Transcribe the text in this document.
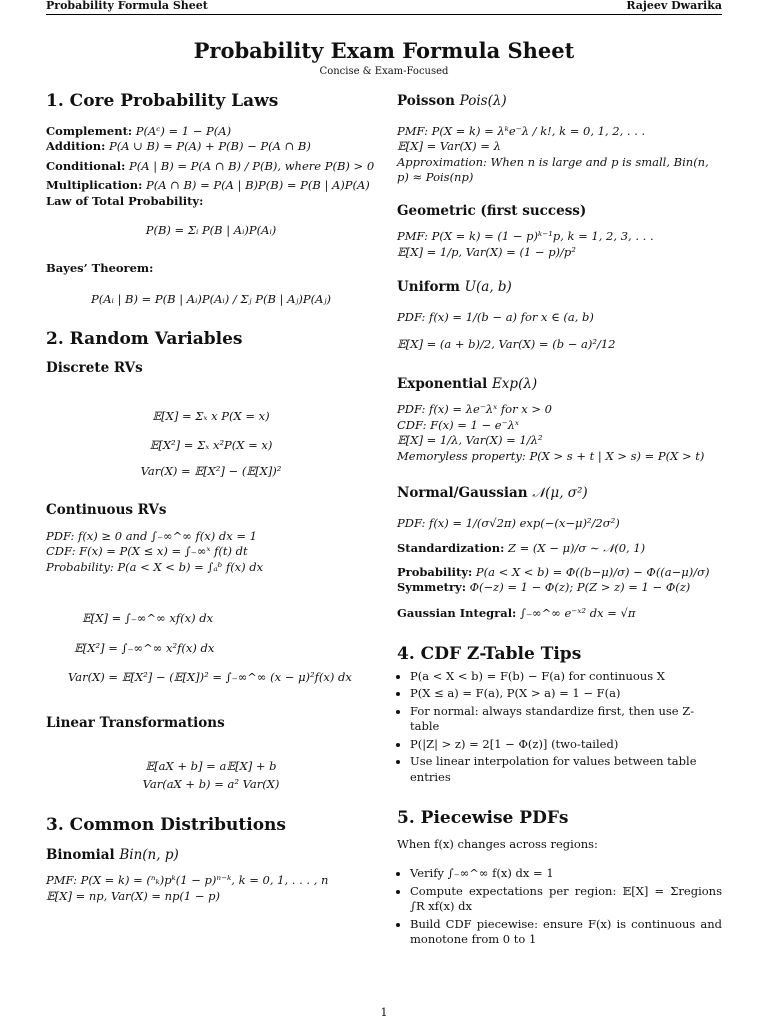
Probability Formula Sheet	Rajeev Dwarika
Probability Exam Formula Sheet
Concise & Exam-Focused
1. Core Probability Laws

Complement: P(Aᶜ) = 1 − P(A)

Addition: P(A ∪ B) = P(A) + P(B) − P(A ∩ B)

Conditional: P(A | B) = P(A ∩ B) / P(B), where P(B) > 0

Multiplication: P(A ∩ B) = P(A | B)P(B) = P(B | A)P(A)

Law of Total Probability:

P(B) = Σᵢ P(B | Aᵢ)P(Aᵢ)

Bayes’ Theorem:

P(Aᵢ | B) = P(B | Aᵢ)P(Aᵢ) / Σⱼ P(B | Aⱼ)P(Aⱼ)

2. Random Variables
Discrete RVs

𝔼[X] = Σₓ x P(X = x)

𝔼[X²] = Σₓ x²P(X = x)

Var(X) = 𝔼[X²] − (𝔼[X])²

Continuous RVs

PDF: f(x) ≥ 0 and ∫₋∞^∞ f(x) dx = 1

CDF: F(x) = P(X ≤ x) = ∫₋∞ˣ f(t) dt

Probability: P(a < X < b) = ∫ₐᵇ f(x) dx

𝔼[X] = ∫₋∞^∞ xf(x) dx

𝔼[X²] = ∫₋∞^∞ x²f(x) dx

Var(X) = 𝔼[X²] − (𝔼[X])² = ∫₋∞^∞ (x − μ)²f(x) dx

Linear Transformations

𝔼[aX + b] = a𝔼[X] + b

Var(aX + b) = a² Var(X)

3. Common Distributions
Binomial Bin(n, p)

PMF: P(X = k) = (ⁿₖ)pᵏ(1 − p)ⁿ⁻ᵏ, k = 0, 1, . . . , n

𝔼[X] = np, Var(X) = np(1 − p)

Poisson Pois(λ)

PMF: P(X = k) = λᵏe⁻λ / k!, k = 0, 1, 2, . . .

𝔼[X] = Var(X) = λ

Approximation: When n is large and p is small, Bin(n, p) ≈ Pois(np)

Geometric (first success)

PMF: P(X = k) = (1 − p)ᵏ⁻¹p, k = 1, 2, 3, . . .

𝔼[X] = 1/p, Var(X) = (1 − p)/p²

Uniform U(a, b)

PDF: f(x) = 1/(b − a) for x ∈ (a, b)

𝔼[X] = (a + b)/2, Var(X) = (b − a)²/12

Exponential Exp(λ)

PDF: f(x) = λe⁻λˣ for x > 0

CDF: F(x) = 1 − e⁻λˣ

𝔼[X] = 1/λ, Var(X) = 1/λ²

Memoryless property: P(X > s + t | X > s) = P(X > t)

Normal/Gaussian 𝒩(μ, σ²)

PDF: f(x) = 1/(σ√2π) exp(−(x−μ)²/2σ²)

Standardization: Z = (X − μ)/σ ∼ 𝒩(0, 1)

Probability: P(a < X < b) = Φ((b−μ)/σ) − Φ((a−μ)/σ)

Symmetry: Φ(−z) = 1 − Φ(z); P(Z > z) = 1 − Φ(z)

Gaussian Integral: ∫₋∞^∞ e⁻ˣ² dx = √π

4. CDF Z-Table Tips
• P(a < X < b) = F(b) − F(a) for continuous X
• P(X ≤ a) = F(a), P(X > a) = 1 − F(a)
• For normal: always standardize first, then use Z-table
• P(|Z| > z) = 2[1 − Φ(z)] (two-tailed)
• Use linear interpolation for values between table entries
5. Piecewise PDFs

When f(x) changes across regions:

• Verify ∫₋∞^∞ f(x) dx = 1
• Compute expectations per region: 𝔼[X] = Σregions ∫R xf(x) dx
• Build CDF piecewise: ensure F(x) is continuous and monotone from 0 to 1
1
